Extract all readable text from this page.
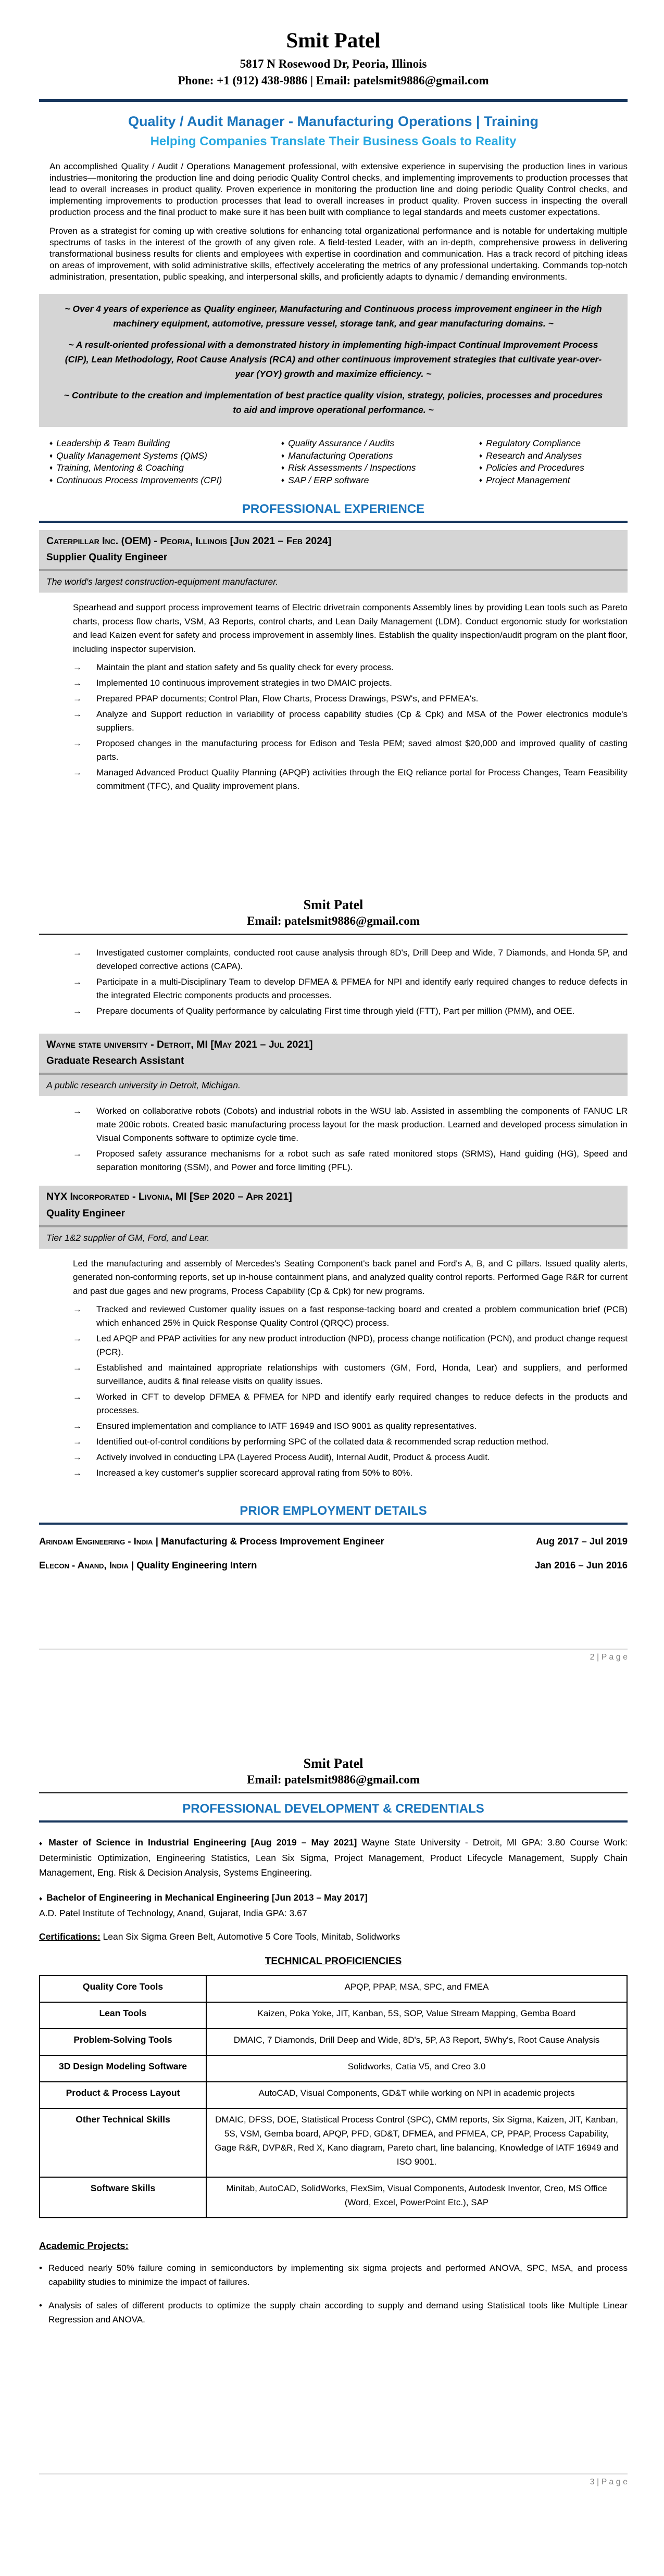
Smit Patel
5817 N Rosewood Dr, Peoria, Illinois
Phone: +1 (912) 438-9886 | Email: patelsmit9886@gmail.com
Quality / Audit Manager - Manufacturing Operations | Training
Helping Companies Translate Their Business Goals to Reality

An accomplished Quality / Audit / Operations Management professional, with extensive experience in supervising the production lines in various industries—monitoring the production line and doing periodic Quality Control checks, and implementing improvements to production processes that lead to overall increases in product quality. Proven experience in monitoring the production line and doing periodic Quality Control checks, and implementing improvements to production processes that lead to overall increases in product quality. Proven success in inspecting the overall production process and the final product to make sure it has been built with compliance to legal standards and meets customer expectations.

Proven as a strategist for coming up with creative solutions for enhancing total organizational performance and is notable for undertaking multiple spectrums of tasks in the interest of the growth of any given role. A field-tested Leader, with an in-depth, comprehensive prowess in delivering transformational business results for clients and employees with expertise in coordination and communication. Has a track record of pitching ideas on areas of improvement, with solid administrative skills, effectively accelerating the metrics of any professional undertaking. Commands top-notch administration, presentation, public speaking, and interpersonal skills, and proficiently adapts to dynamic / demanding environments.

~ Over 4 years of experience as Quality engineer, Manufacturing and Continuous process improvement engineer in the High machinery equipment, automotive, pressure vessel, storage tank, and gear manufacturing domains. ~
~ A result-oriented professional with a demonstrated history in implementing high-impact Continual Improvement Process (CIP), Lean Methodology, Root Cause Analysis (RCA) and other continuous improvement strategies that cultivate year-over-year (YOY) growth and maximize efficiency. ~
~ Contribute to the creation and implementation of best practice quality vision, strategy, policies, processes and procedures to aid and improve operational performance. ~
♦ Leadership & Team Building
♦ Quality Management Systems (QMS)
♦ Training, Mentoring & Coaching
♦ Continuous Process Improvements (CPI)
♦ Quality Assurance / Audits
♦ Manufacturing Operations
♦ Risk Assessments / Inspections
♦ SAP / ERP software
♦ Regulatory Compliance
♦ Research and Analyses
♦ Policies and Procedures
♦ Project Management
PROFESSIONAL EXPERIENCE
Caterpillar Inc. (OEM) - Peoria, Illinois [Jun 2021 – Feb 2024]
Supplier Quality Engineer
The world's largest construction-equipment manufacturer.

Spearhead and support process improvement teams of Electric drivetrain components Assembly lines by providing Lean tools such as Pareto charts, process flow charts, VSM, A3 Reports, control charts, and Lean Daily Management (LDM). Conduct ergonomic study for workstation and lead Kaizen event for safety and process improvement in assembly lines. Establish the quality inspection/audit program on the plant floor, including inspector supervision.

→	Maintain the plant and station safety and 5s quality check for every process.
→	Implemented 10 continuous improvement strategies in two DMAIC projects.
→	Prepared PPAP documents; Control Plan, Flow Charts, Process Drawings, PSW's, and PFMEA's.
→	Analyze and Support reduction in variability of process capability studies (Cp & Cpk) and MSA of the Power electronics module's suppliers.
→	Proposed changes in the manufacturing process for Edison and Tesla PEM; saved almost $20,000 and improved quality of casting parts.
→	Managed Advanced Product Quality Planning (APQP) activities through the EtQ reliance portal for Process Changes, Team Feasibility commitment (TFC), and Quality improvement plans.
Smit Patel
Email: patelsmit9886@gmail.com
→	Investigated customer complaints, conducted root cause analysis through 8D's, Drill Deep and Wide, 7 Diamonds, and Honda 5P, and developed corrective actions (CAPA).
→	Participate in a multi-Disciplinary Team to develop DFMEA & PFMEA for NPI and identify early required changes to reduce defects in the integrated Electric components products and processes.
→	Prepare documents of Quality performance by calculating First time through yield (FTT), Part per million (PMM), and OEE.
Wayne state university - Detroit, MI [May 2021 – Jul 2021]
Graduate Research Assistant
A public research university in Detroit, Michigan.
→	Worked on collaborative robots (Cobots) and industrial robots in the WSU lab. Assisted in assembling the components of FANUC LR mate 200ic robots. Created basic manufacturing process layout for the mask production. Learned and developed process simulation in Visual Components software to optimize cycle time.
→	Proposed safety assurance mechanisms for a robot such as safe rated monitored stops (SRMS), Hand guiding (HG), Speed and separation monitoring (SSM), and Power and force limiting (PFL).
NYX Incorporated - Livonia, MI [Sep 2020 – Apr 2021]
Quality Engineer
Tier 1&2 supplier of GM, Ford, and Lear.

Led the manufacturing and assembly of Mercedes's Seating Component's back panel and Ford's A, B, and C pillars. Issued quality alerts, generated non-conforming reports, set up in-house containment plans, and analyzed quality control reports. Performed Gage R&R for current and past due gages and new programs, Process Capability (Cp & Cpk) for new programs.

→	Tracked and reviewed Customer quality issues on a fast response-tacking board and created a problem communication brief (PCB) which enhanced 25% in Quick Response Quality Control (QRQC) process.
→	Led APQP and PPAP activities for any new product introduction (NPD), process change notification (PCN), and product change request (PCR).
→	Established and maintained appropriate relationships with customers (GM, Ford, Honda, Lear) and suppliers, and performed surveillance, audits & final release visits on quality issues.
→	Worked in CFT to develop DFMEA & PFMEA for NPD and identify early required changes to reduce defects in the products and processes.
→	Ensured implementation and compliance to IATF 16949 and ISO 9001 as quality representatives.
→	Identified out-of-control conditions by performing SPC of the collated data & recommended scrap reduction method.
→	Actively involved in conducting LPA (Layered Process Audit), Internal Audit, Product & process Audit.
→	Increased a key customer's supplier scorecard approval rating from 50% to 80%.
PRIOR EMPLOYMENT DETAILS
Arindam Engineering - India | Manufacturing & Process Improvement Engineer	Aug 2017 – Jul 2019
Elecon - Anand, India | Quality Engineering Intern	Jan 2016 – Jun 2016
2 | P a g e
Smit Patel
Email: patelsmit9886@gmail.com
PROFESSIONAL DEVELOPMENT & CREDENTIALS

♦ Master of Science in Industrial Engineering [Aug 2019 – May 2021] Wayne State University - Detroit, MI GPA: 3.80 Course Work: Deterministic Optimization, Engineering Statistics, Lean Six Sigma, Project Management, Product Lifecycle Management, Supply Chain Management, Eng. Risk & Decision Analysis, Systems Engineering.

♦ Bachelor of Engineering in Mechanical Engineering [Jun 2013 – May 2017]

A.D. Patel Institute of Technology, Anand, Gujarat, India GPA: 3.67

Certifications: Lean Six Sigma Green Belt, Automotive 5 Core Tools, Minitab, Solidworks

TECHNICAL PROFICIENCIES
Quality Core Tools	APQP, PPAP, MSA, SPC, and FMEA
Lean Tools	Kaizen, Poka Yoke, JIT, Kanban, 5S, SOP, Value Stream Mapping, Gemba Board
Problem-Solving Tools	DMAIC, 7 Diamonds, Drill Deep and Wide, 8D's, 5P, A3 Report, 5Why's, Root Cause Analysis
3D Design Modeling Software	Solidworks, Catia V5, and Creo 3.0
Product & Process Layout	AutoCAD, Visual Components, GD&T while working on NPI in academic projects
Other Technical Skills	DMAIC, DFSS, DOE, Statistical Process Control (SPC), CMM reports, Six Sigma, Kaizen, JIT, Kanban, 5S, VSM, Gemba board, APQP, PFD, GD&T, DFMEA, and PFMEA, CP, PPAP, Process Capability, Gage R&R, DVP&R, Red X, Kano diagram, Pareto chart, line balancing, Knowledge of IATF 16949 and ISO 9001.
Software Skills	Minitab, AutoCAD, SolidWorks, FlexSim, Visual Components, Autodesk Inventor, Creo, MS Office (Word, Excel, PowerPoint Etc.), SAP
Academic Projects:
• Reduced nearly 50% failure coming in semiconductors by implementing six sigma projects and performed ANOVA, SPC, MSA, and process capability studies to minimize the impact of failures.
• Analysis of sales of different products to optimize the supply chain according to supply and demand using Statistical tools like Multiple Linear Regression and ANOVA.
3 | P a g e
